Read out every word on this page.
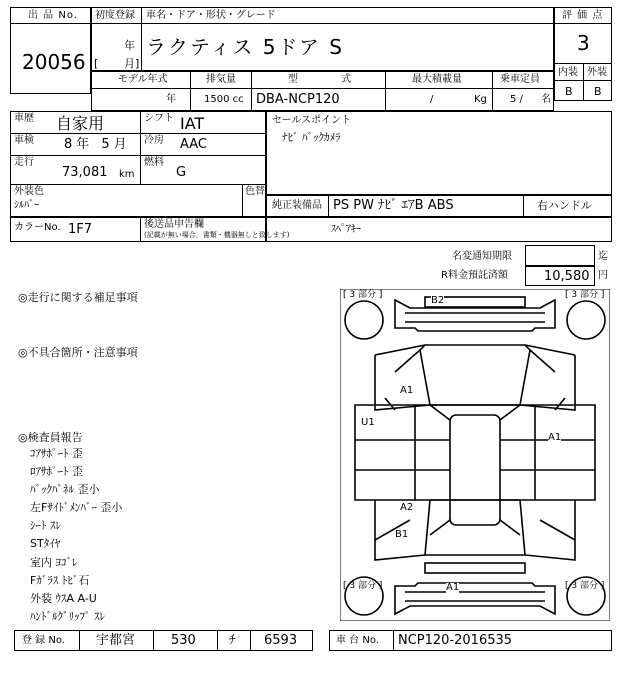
出 品 No.
20056
初度登録 車名・ドア・形状・グレード
年
[ 月 ]
ラクティス 5ドア S
評 価 点
3
内装 外装
B B
モデル年式	排気量	型 式	最大積載量	乗車定員
年	1500 cc DBA-NCP120	/	Kg 5 / 名
車歴 自家用	シフト IAT
車検 8年 5月 冷房 AAC
走行
73,081 km
燃料
G
外装色
ｼﾙﾊﾞｰ
色替
カラーNo. 1F7	後送品申告欄
(記載が無い場合，書類・機器無しと致します)
セールスポイント
ﾅﾋﾞ ﾊﾞｯｸｶﾒﾗ
純正装備品 PS PW ﾅﾋﾞ ｴｱB ABS	右ハンドル
ｽﾍﾟｱｷｰ
名変通知期限	迄
R料金預託済額	10,580 円
◎走行に関する補足事項
◎不具合箇所・注意事項
◎検査員報告
ｺｱｻﾎﾟｰﾄ 歪
ﾛｱｻﾎﾟｰﾄ 歪
ﾊﾞｯｸﾊﾟﾈﾙ 歪小
左Fｻｲﾄﾞﾒﾝﾊﾞｰ 歪小
ｼｰﾄ ｽﾚ
STﾀｲﾔ
室内 ﾖｺﾞﾚ
Fｶﾞﾗｽ ﾄﾋﾞ石
外装 ｳｽA A-U
ﾊﾝﾄﾞﾙｸﾞﾘｯﾌﾟ ｽﾚ
[ 3 部分 ]	[ 3 部分 ]
[ 3 部分 ]	[ 3 部分 ]
B2
A1
U1
A1
A2
B1
A1
登 録 No. 宇都宮	530	ﾁ 6593	車 台 No. NCP120-2016535
